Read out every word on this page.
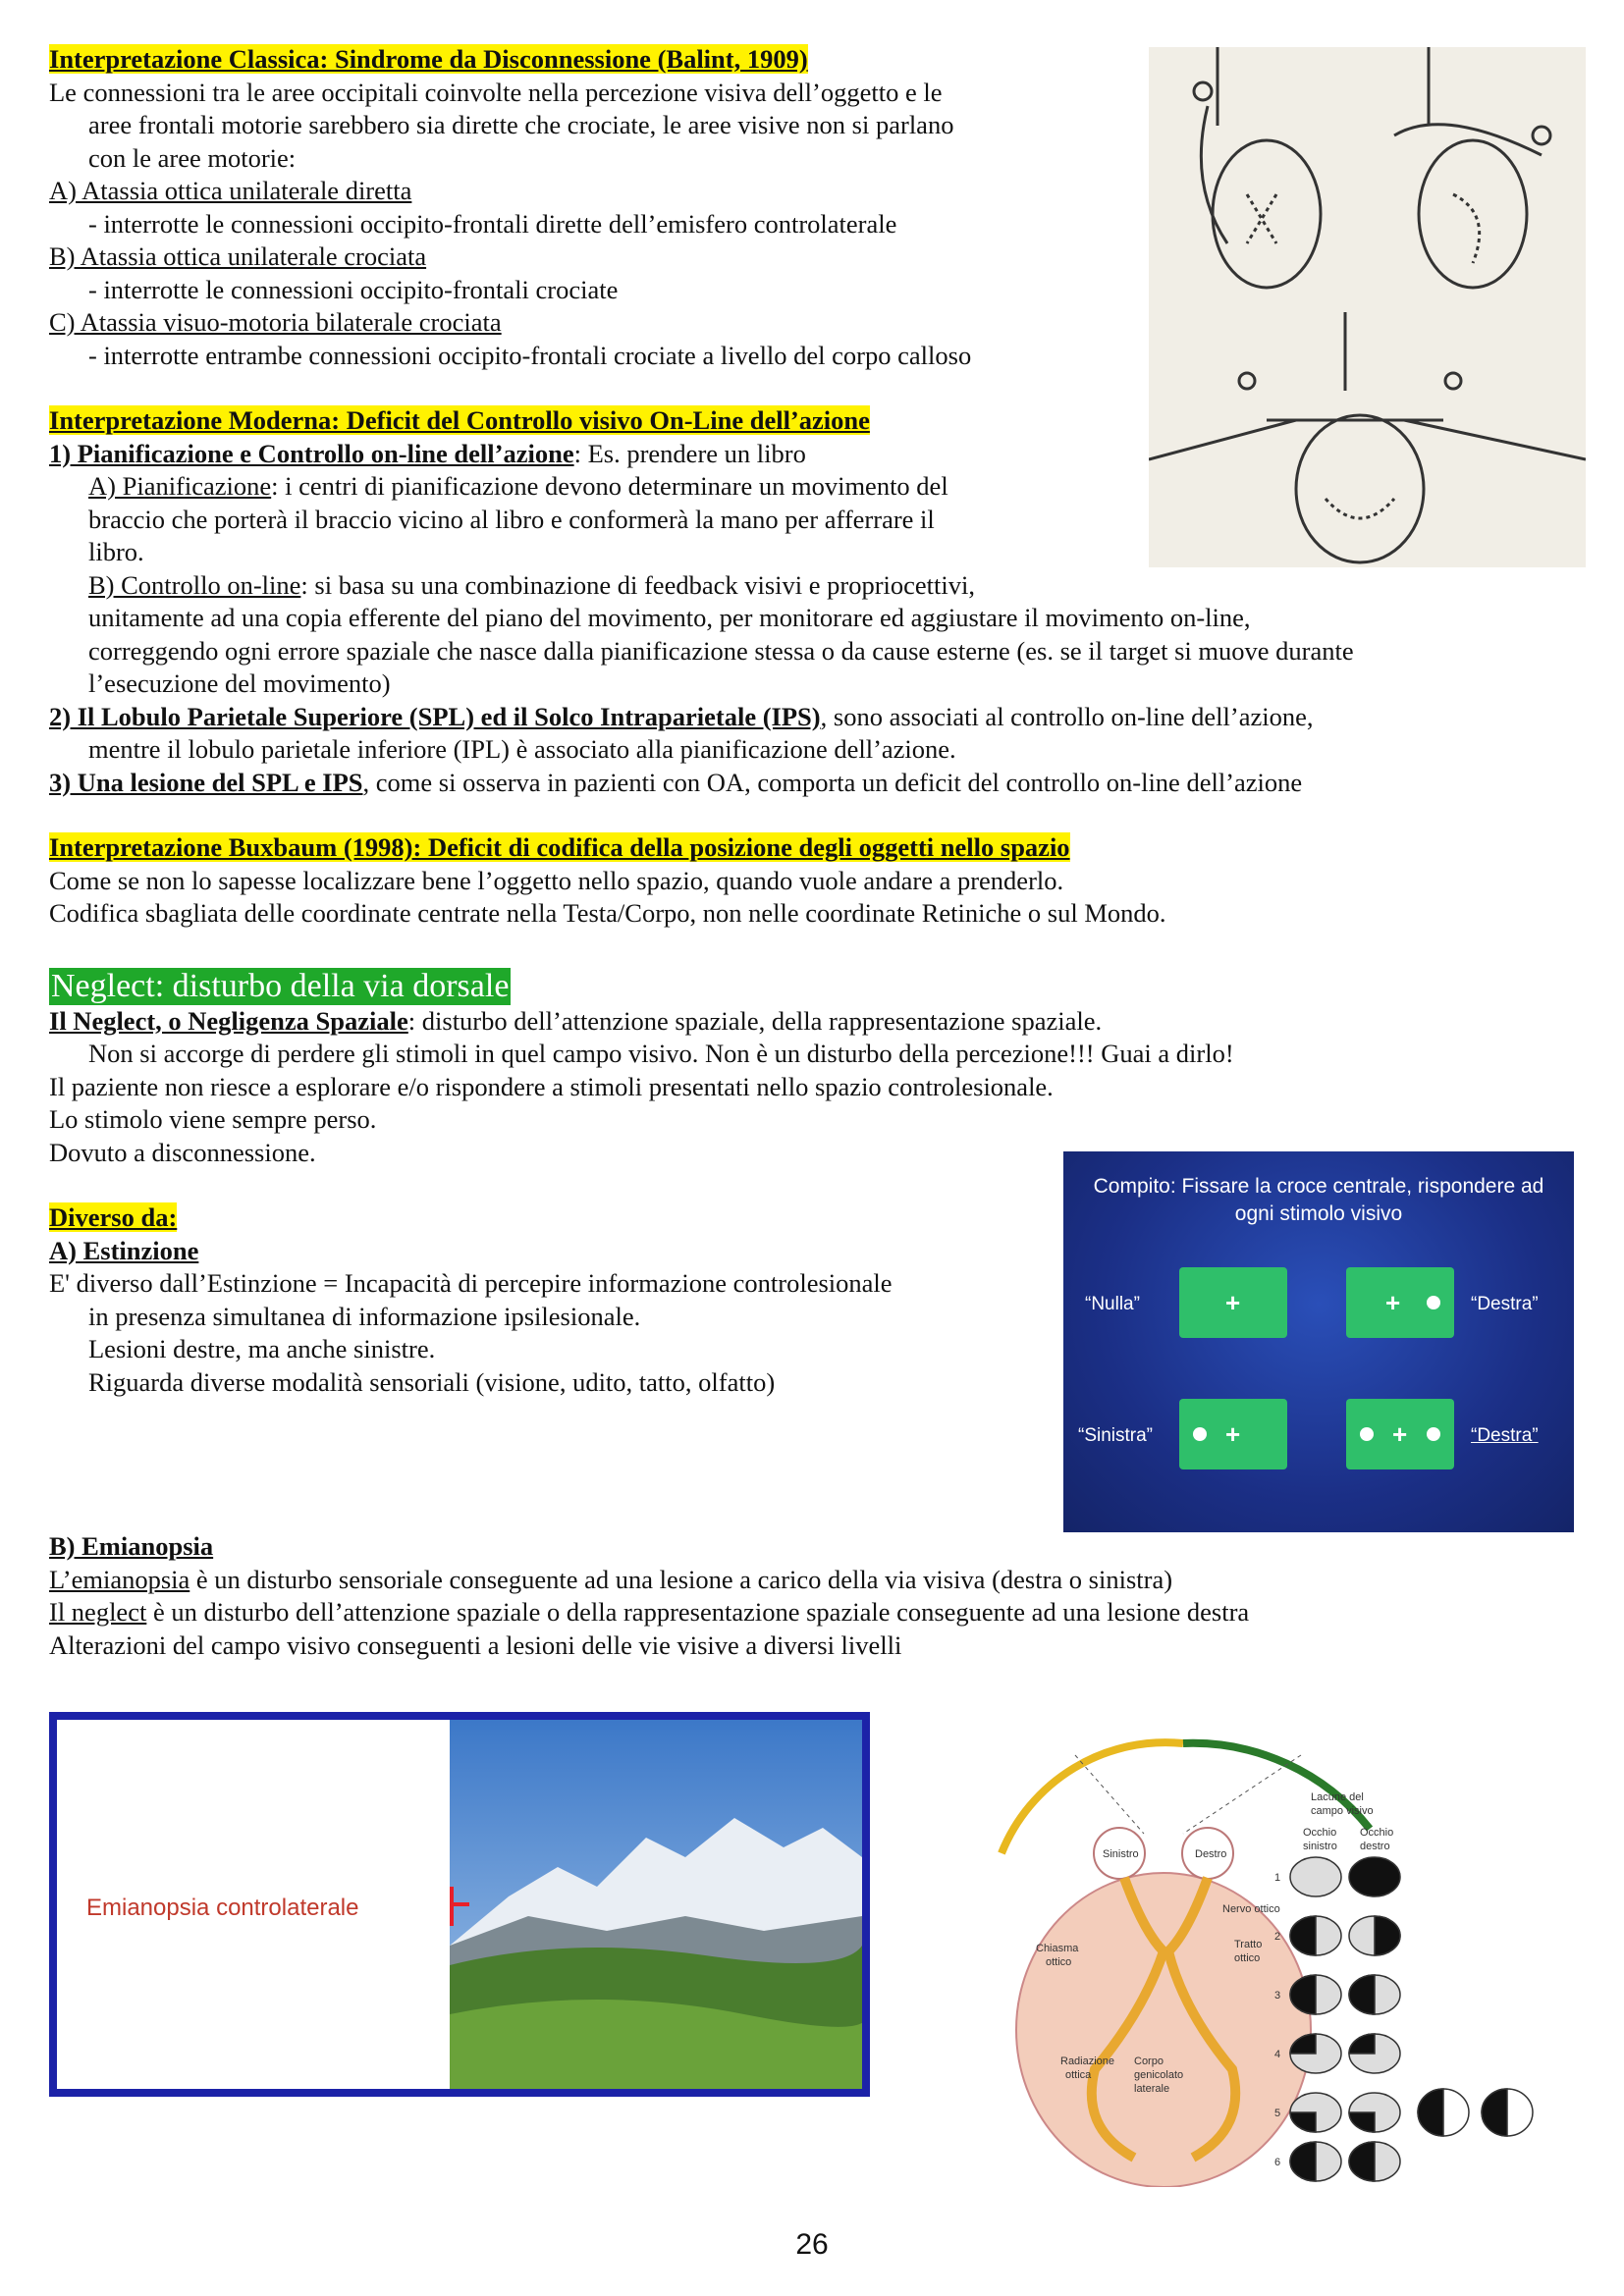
Interpretazione Classica: Sindrome da Disconnessione (Balint, 1909)
Le connessioni tra le aree occipitali coinvolte nella percezione visiva dell’oggetto e le
aree frontali motorie sarebbero sia dirette che crociate, le aree visive non si parlano
con le aree motorie:
A) Atassia ottica unilaterale diretta
- interrotte le connessioni occipito-frontali dirette dell’emisfero controlaterale
B) Atassia ottica unilaterale crociata
- interrotte le connessioni occipito-frontali crociate
C) Atassia visuo-motoria bilaterale crociata
- interrotte entrambe connessioni occipito-frontali crociate a livello del corpo calloso
Interpretazione Moderna: Deficit del Controllo visivo On-Line dell’azione
1) Pianificazione e Controllo on-line dell’azione: Es. prendere un libro
A) Pianificazione: i centri di pianificazione devono determinare un movimento del
braccio che porterà il braccio vicino al libro e conformerà la mano per afferrare il
libro.
B) Controllo on-line: si basa su una combinazione di feedback visivi e propriocettivi,
unitamente ad una copia efferente del piano del movimento, per monitorare ed aggiustare il movimento on-line,
correggendo ogni errore spaziale che nasce dalla pianificazione stessa o da cause esterne (es. se il target si muove durante
l’esecuzione del movimento)
2) Il Lobulo Parietale Superiore (SPL) ed il Solco Intraparietale (IPS), sono associati al controllo on-line dell’azione,
mentre il lobulo parietale inferiore (IPL) è associato alla pianificazione dell’azione.
3) Una lesione del SPL e IPS, come si osserva in pazienti con OA, comporta un deficit del controllo on-line dell’azione
Interpretazione Buxbaum (1998): Deficit di codifica della posizione degli oggetti nello spazio
Come se non lo sapesse localizzare bene l’oggetto nello spazio, quando vuole andare a prenderlo.
Codifica sbagliata delle coordinate centrate nella Testa/Corpo, non nelle coordinate Retiniche o sul Mondo.
Neglect: disturbo della via dorsale
Il Neglect, o Negligenza Spaziale: disturbo dell’attenzione spaziale, della rappresentazione spaziale.
Non si accorge di perdere gli stimoli in quel campo visivo. Non è un disturbo della percezione!!! Guai a dirlo!
Il paziente non riesce a esplorare e/o rispondere a stimoli presentati nello spazio controlesionale.
Lo stimolo viene sempre perso.
Dovuto a disconnessione.
Diverso da:
A) Estinzione
E' diverso dall’Estinzione = Incapacità di percepire informazione controlesionale
in presenza simultanea di informazione ipsilesionale.
Lesioni destre, ma anche sinistre.
Riguarda diverse modalità sensoriali (visione, udito, tatto, olfatto)
B) Emianopsia
L’emianopsia è un disturbo sensoriale conseguente ad una lesione a carico della via visiva (destra o sinistra)
Il neglect è un disturbo dell’attenzione spaziale o della rappresentazione spaziale conseguente ad una lesione destra
Alterazioni del campo visivo conseguenti a lesioni delle vie visive a diversi livelli
Compito: Fissare la croce centrale, rispondere ad
ogni stimolo visivo
+	+
+	+
“Nulla”	“Destra”
“Sinistra”	“Destra”
Emianopsia controlaterale
Sinistro	Destro
Chiasma
ottico
Nervo ottico
Tratto
ottico
Radiazione
ottica
Corpo
genicolato
laterale
Lacune del
campo visivo
Occhio
sinistro
Occhio
destro
1
2
3
4
5
6
26
